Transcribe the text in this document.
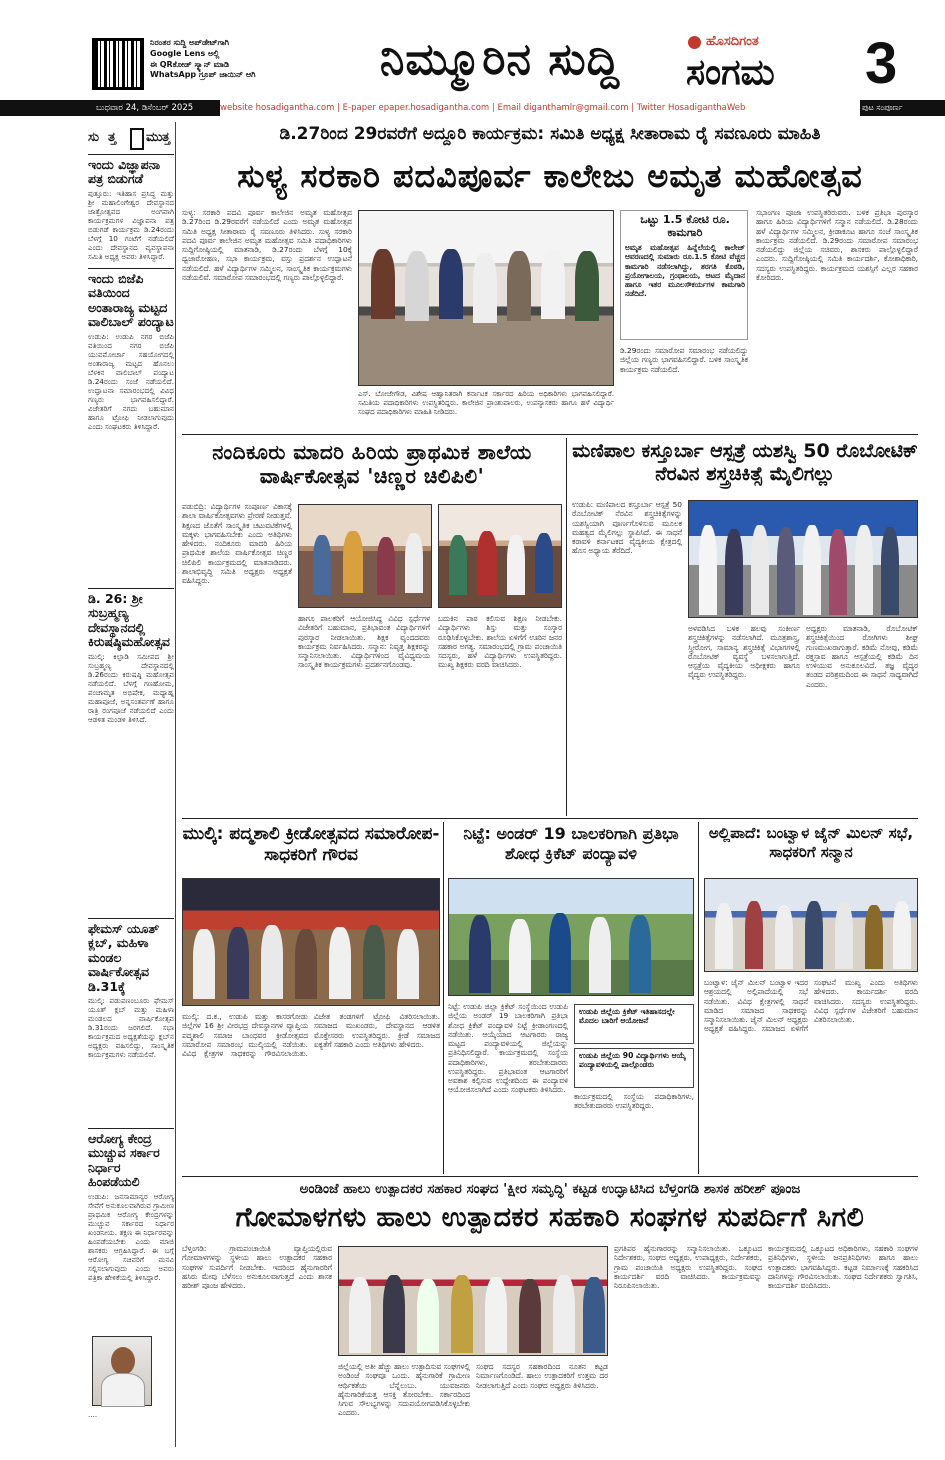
ನಿರಂತರ ಸುದ್ದಿ ಅಪ್‌ಡೇಟ್‌ಗಾಗಿ
Google Lens ಅಲ್ಲಿ
ಈ QRಕೋಡ್‌ ಸ್ಕ್ಯಾನ್ ಮಾಡಿ
WhatsApp ಗ್ರೂಪ್ ಜಾಯಿನ್ ಆಗಿ	ನಿಮ್ಮೂರಿನ ಸುದ್ದಿ	ಹೊಸದಿಗಂತ
ಸಂಗಮ 3
ಬುಧವಾರ 24, ಡಿಸೆಂಬರ್ 2025	website hosadigantha.com | E-paper epaper.hosadigantha.com | Email diganthamlr@gmail.com | Twitter HosadiganthaWeb	ಪುಟ ಸಂಪೂರ್ಣ
ಸು ತ್ತ ಮು ತ್ತ
ಇಂದು ವಿಜ್ಞಾಪನಾ ಪತ್ರ ಬಿಡುಗಡೆ
ಪುತ್ತೂರು: ಇತಿಹಾಸ ಪ್ರಸಿದ್ಧ ಮತ್ತು ಶ್ರೀ ಮಹಾಲಿಂಗೇಶ್ವರ ದೇವಸ್ಥಾನದ ಜಾತ್ರೋತ್ಸವದ ಅಂಗವಾಗಿ ಕಾರ್ಯಕ್ರಮಗಳ ವಿಜ್ಞಾಪನಾ ಪತ್ರ ಬಿಡುಗಡೆ ಕಾರ್ಯಕ್ರಮ ಡಿ.24ರಂದು ಬೆಳಗ್ಗೆ 10 ಗಂಟೆಗೆ ನಡೆಯಲಿದೆ ಎಂದು ದೇವಸ್ಥಾನದ ವ್ಯವಸ್ಥಾಪನಾ ಸಮಿತಿ ಅಧ್ಯಕ್ಷ ಅವರು ತಿಳಿಸಿದ್ದಾರೆ.
ಇಂದು ಬಿಜೆಪಿ ವತಿಯಿಂದ ಅಂತಾರಾಜ್ಯ ಮಟ್ಟದ ವಾಲಿಬಾಲ್ ಪಂದ್ಯಾಟ
ಉಡುಪಿ: ಉಡುಪಿ ನಗರ ಬಿಜೆಪಿ ವತಿಯಿಂದ ನಗರ ಬಿಜೆಪಿ ಯುವಮೋರ್ಚಾ ಸಹಯೋಗದಲ್ಲಿ ಅಂತಾರಾಜ್ಯ ಮಟ್ಟದ ಹೊನಲು ಬೆಳಕಿನ ವಾಲಿಬಾಲ್ ಪಂದ್ಯಾಟ ಡಿ.24ರಂದು ಸಂಜೆ ನಡೆಯಲಿದೆ. ಉದ್ಘಾಟನಾ ಸಮಾರಂಭದಲ್ಲಿ ವಿವಿಧ ಗಣ್ಯರು ಭಾಗವಹಿಸಲಿದ್ದಾರೆ. ವಿಜೇತರಿಗೆ ನಗದು ಬಹುಮಾನ ಹಾಗೂ ಟ್ರೋಫಿ ನೀಡಲಾಗುವುದು ಎಂದು ಸಂಘಟಕರು ತಿಳಿಸಿದ್ದಾರೆ.
ಡಿ. 26: ಶ್ರೀ ಸುಬ್ರಹ್ಮಣ್ಯ ದೇವಸ್ಥಾನದಲ್ಲಿ ಕಿರುಷಷ್ಠಿಮಹೋತ್ಸವ
ಮುಲ್ಕಿ: ಕಿಲ್ಪಾಡಿ ಸಮೀಪದ ಶ್ರೀ ಸುಬ್ರಹ್ಮಣ್ಯ ದೇವಸ್ಥಾನದಲ್ಲಿ ಡಿ.26ರಂದು ಕಿರುಷಷ್ಠಿ ಮಹೋತ್ಸವ ನಡೆಯಲಿದೆ. ಬೆಳಗ್ಗೆ ಗಣಹೋಮ, ಪಂಚಾಮೃತ ಅಭಿಷೇಕ, ಮಧ್ಯಾಹ್ನ ಮಹಾಪೂಜೆ, ಅನ್ನಸಂತರ್ಪಣೆ ಹಾಗೂ ರಾತ್ರಿ ರಂಗಪೂಜೆ ನಡೆಯಲಿದೆ ಎಂದು ಆಡಳಿತ ಮಂಡಳಿ ತಿಳಿಸಿದೆ.
ಫೇಮಸ್ ಯೂತ್ ಕ್ಲಬ್, ಮಹಿಳಾ ಮಂಡಲ ವಾರ್ಷಿಕೋತ್ಸವ ಡಿ.31ಕ್ಕೆ
ಮುಲ್ಕಿ: ಪಡುಪಣಂಬೂರು ಫೇಮಸ್ ಯೂತ್ ಕ್ಲಬ್ ಮತ್ತು ಮಹಿಳಾ ಮಂಡಲದ ವಾರ್ಷಿಕೋತ್ಸವ ಡಿ.31ರಂದು ಜರಗಲಿದೆ. ಸಭಾ ಕಾರ್ಯಕ್ರಮದ ಅಧ್ಯಕ್ಷತೆಯನ್ನು ಕ್ಲಬ್‌ನ ಅಧ್ಯಕ್ಷರು ವಹಿಸಲಿದ್ದು, ಸಾಂಸ್ಕೃತಿಕ ಕಾರ್ಯಕ್ರಮಗಳು ನಡೆಯಲಿವೆ.
ಆರೋಗ್ಯ ಕೇಂದ್ರ ಮುಚ್ಚುವ ಸರ್ಕಾರ ನಿರ್ಧಾರ ಹಿಂಪಡೆಯಲಿ
ಉಡುಪಿ: ಜನಸಾಮಾನ್ಯರ ಆರೋಗ್ಯ ಸೇವೆಗೆ ಅನುಕೂಲವಾಗಿರುವ ಗ್ರಾಮೀಣ ಪ್ರಾಥಮಿಕ ಆರೋಗ್ಯ ಕೇಂದ್ರಗಳನ್ನು ಮುಚ್ಚುವ ಸರ್ಕಾರದ ನಿರ್ಧಾರ ಖಂಡನೀಯ. ತಕ್ಷಣ ಈ ನಿರ್ಧಾರವನ್ನು ಹಿಂಪಡೆಯಬೇಕು ಎಂದು ಮಾಜಿ ಶಾಸಕರು ಆಗ್ರಹಿಸಿದ್ದಾರೆ. ಈ ಬಗ್ಗೆ ಆರೋಗ್ಯ ಸಚಿವರಿಗೆ ಮನವಿ ಸಲ್ಲಿಸಲಾಗುವುದು ಎಂದು ಅವರು ಪತ್ರಿಕಾ ಹೇಳಿಕೆಯಲ್ಲಿ ತಿಳಿಸಿದ್ದಾರೆ.
....
ಡಿ.27ರಿಂದ 29ರವರೆಗೆ ಅದ್ದೂರಿ ಕಾರ್ಯಕ್ರಮ: ಸಮಿತಿ ಅಧ್ಯಕ್ಷ ಸೀತಾರಾಮ ರೈ ಸವಣೂರು ಮಾಹಿತಿ
ಸುಳ್ಯ ಸರಕಾರಿ ಪದವಿಪೂರ್ವ ಕಾಲೇಜು ಅಮೃತ ಮಹೋತ್ಸವ
ಸುಳ್ಯ: ಸರಕಾರಿ ಪದವಿ ಪೂರ್ವ ಕಾಲೇಜಿನ ಅಮೃತ ಮಹೋತ್ಸವ ಡಿ.27ರಿಂದ ಡಿ.29ರವರೆಗೆ ನಡೆಯಲಿದೆ ಎಂದು ಅಮೃತ ಮಹೋತ್ಸವ ಸಮಿತಿ ಅಧ್ಯಕ್ಷ ಸೀತಾರಾಮ ರೈ ಸವಣೂರು ತಿಳಿಸಿದರು. ಸುಳ್ಯ ಸರಕಾರಿ ಪದವಿ ಪೂರ್ವ ಕಾಲೇಜಿನ ಅಮೃತ ಮಹೋತ್ಸವ ಸಮಿತಿ ಪದಾಧಿಕಾರಿಗಳು ಸುದ್ದಿಗೋಷ್ಠಿಯಲ್ಲಿ ಮಾತನಾಡಿ, ಡಿ.27ರಂದು ಬೆಳಗ್ಗೆ 10ಕ್ಕೆ ಧ್ವಜಾರೋಹಣ, ಸಭಾ ಕಾರ್ಯಕ್ರಮ, ವಸ್ತು ಪ್ರದರ್ಶನ ಉದ್ಘಾಟನೆ ನಡೆಯಲಿದೆ. ಹಳೆ ವಿದ್ಯಾರ್ಥಿಗಳ ಸಮ್ಮಿಲನ, ಸಾಂಸ್ಕೃತಿಕ ಕಾರ್ಯಕ್ರಮಗಳು ನಡೆಯಲಿವೆ. ಸಮಾರೋಪ ಸಮಾರಂಭದಲ್ಲಿ ಗಣ್ಯರು ಪಾಲ್ಗೊಳ್ಳಲಿದ್ದಾರೆ.
ಎಸ್. ಬೋಜೇಗೌಡ, ವಿಶೇಷ ಆಹ್ವಾನಿತರಾಗಿ ಕರ್ನಾಟಕ ಸರ್ಕಾರದ ಹಿರಿಯ ಅಧಿಕಾರಿಗಳು ಭಾಗವಹಿಸಲಿದ್ದಾರೆ. ಸಮಿತಿಯ ಪದಾಧಿಕಾರಿಗಳು ಉಪಸ್ಥಿತರಿದ್ದರು. ಕಾಲೇಜಿನ ಪ್ರಾಂಶುಪಾಲರು, ಉಪನ್ಯಾಸಕರು ಹಾಗೂ ಹಳೆ ವಿದ್ಯಾರ್ಥಿ ಸಂಘದ ಪದಾಧಿಕಾರಿಗಳು ಮಾಹಿತಿ ನೀಡಿದರು.
ಒಟ್ಟು 1.5 ಕೋಟಿ ರೂ. ಕಾಮಗಾರಿ
ಅಮೃತ ಮಹೋತ್ಸವ ಹಿನ್ನೆಲೆಯಲ್ಲಿ ಕಾಲೇಜ್ ಆವರಣದಲ್ಲಿ ಸುಮಾರು ರೂ.1.5 ಕೋಟಿ ವೆಚ್ಚದ ಕಾಮಗಾರಿ ನಡೆಸಲಾಗಿದ್ದು, ತರಗತಿ ಕೊಠಡಿ, ಪ್ರಯೋಗಾಲಯ, ಗ್ರಂಥಾಲಯ, ಆಟದ ಮೈದಾನ ಹಾಗೂ ಇತರ ಮೂಲಸೌಕರ್ಯಗಳ ಕಾಮಗಾರಿ ನಡೆದಿದೆ.
ಡಿ.29ರಂದು ಸಮಾರೋಪ ಸಮಾರಂಭ ನಡೆಯಲಿದ್ದು ಜಿಲ್ಲೆಯ ಗಣ್ಯರು ಭಾಗವಹಿಸಲಿದ್ದಾರೆ. ಬಳಿಕ ಸಾಂಸ್ಕೃತಿಕ ಕಾರ್ಯಕ್ರಮ ನಡೆಯಲಿದೆ.
ಸಭಾಂಗಣ ಪೂಜಾ ಉಪಸ್ಥಿತರಿರುವರು. ಬಳಿಕ ಪ್ರತಿಭಾ ಪುರಸ್ಕಾರ ಹಾಗೂ ಹಿರಿಯ ವಿದ್ಯಾರ್ಥಿಗಳಿಗೆ ಸನ್ಮಾನ ನಡೆಯಲಿದೆ. ಡಿ.28ರಂದು ಹಳೆ ವಿದ್ಯಾರ್ಥಿಗಳ ಸಮ್ಮಿಲನ, ಕ್ರೀಡಾಕೂಟ ಹಾಗೂ ಸಂಜೆ ಸಾಂಸ್ಕೃತಿಕ ಕಾರ್ಯಕ್ರಮ ನಡೆಯಲಿದೆ. ಡಿ.29ರಂದು ಸಮಾರೋಪ ಸಮಾರಂಭ ನಡೆಯಲಿದ್ದು ಜಿಲ್ಲೆಯ ಸಚಿವರು, ಶಾಸಕರು ಪಾಲ್ಗೊಳ್ಳಲಿದ್ದಾರೆ ಎಂದರು. ಸುದ್ದಿಗೋಷ್ಠಿಯಲ್ಲಿ ಸಮಿತಿ ಕಾರ್ಯದರ್ಶಿ, ಕೋಶಾಧಿಕಾರಿ, ಸದಸ್ಯರು ಉಪಸ್ಥಿತರಿದ್ದರು. ಕಾರ್ಯಕ್ರಮದ ಯಶಸ್ಸಿಗೆ ಎಲ್ಲರ ಸಹಕಾರ ಕೋರಿದರು.
ನಂದಿಕೂರು ಮಾದರಿ ಹಿರಿಯ ಪ್ರಾಥಮಿಕ ಶಾಲೆಯ ವಾರ್ಷಿಕೋತ್ಸವ 'ಚಿಣ್ಣರ ಚಿಲಿಪಿಲಿ'
ಪಡುಬಿದ್ರಿ: ವಿದ್ಯಾರ್ಥಿಗಳ ಸಂಪೂರ್ಣ ವಿಕಾಸಕ್ಕೆ ಶಾಲಾ ವಾರ್ಷಿಕೋತ್ಸವಗಳು ಪ್ರೇರಣೆ ನೀಡುತ್ತವೆ. ಶಿಕ್ಷಣದ ಜೊತೆಗೆ ಸಾಂಸ್ಕೃತಿಕ ಚಟುವಟಿಕೆಗಳಲ್ಲಿ ಮಕ್ಕಳು ಭಾಗವಹಿಸಬೇಕು ಎಂದು ಅತಿಥಿಗಳು ಹೇಳಿದರು. ನಂದಿಕೂರು ಮಾದರಿ ಹಿರಿಯ ಪ್ರಾಥಮಿಕ ಶಾಲೆಯ ವಾರ್ಷಿಕೋತ್ಸವ ಚಿಣ್ಣರ ಚಿಲಿಪಿಲಿ ಕಾರ್ಯಕ್ರಮದಲ್ಲಿ ಮಾತನಾಡಿದರು. ಶಾಲಾಭಿವೃದ್ಧಿ ಸಮಿತಿ ಅಧ್ಯಕ್ಷರು ಅಧ್ಯಕ್ಷತೆ ವಹಿಸಿದ್ದರು.
ಹಾಗೂ ಪಾಲಕರಿಗೆ ಆಯೋಜಿಸಿದ್ದ ವಿವಿಧ ಸ್ಪರ್ಧೆಗಳ ವಿಜೇತರಿಗೆ ಬಹುಮಾನ, ಪ್ರತಿಭಾವಂತ ವಿದ್ಯಾರ್ಥಿಗಳಿಗೆ ಪುರಸ್ಕಾರ ನೀಡಲಾಯಿತು. ಶಿಕ್ಷಕ ವೃಂದದವರು ಕಾರ್ಯಕ್ರಮ ನಿರ್ವಹಿಸಿದರು. ಸನ್ಮಾನ: ನಿವೃತ್ತ ಶಿಕ್ಷಕರನ್ನು ಸನ್ಮಾನಿಸಲಾಯಿತು. ವಿದ್ಯಾರ್ಥಿಗಳಿಂದ ವೈವಿಧ್ಯಮಯ ಸಾಂಸ್ಕೃತಿಕ ಕಾರ್ಯಕ್ರಮಗಳು ಪ್ರದರ್ಶನಗೊಂಡವು.
ಬದುಕಿನ ಪಾಠ ಕಲಿಸುವ ಶಿಕ್ಷಣ ನೀಡಬೇಕು. ವಿದ್ಯಾರ್ಥಿಗಳು ಶಿಸ್ತು ಮತ್ತು ಸಂಸ್ಕಾರ ರೂಢಿಸಿಕೊಳ್ಳಬೇಕು. ಶಾಲೆಯ ಏಳಿಗೆಗೆ ಊರಿನ ಜನರ ಸಹಕಾರ ಅಗತ್ಯ. ಸಮಾರಂಭದಲ್ಲಿ ಗ್ರಾಮ ಪಂಚಾಯಿತಿ ಸದಸ್ಯರು, ಹಳೆ ವಿದ್ಯಾರ್ಥಿಗಳು ಉಪಸ್ಥಿತರಿದ್ದರು. ಮುಖ್ಯ ಶಿಕ್ಷಕರು ವರದಿ ವಾಚಿಸಿದರು.
ಮಣಿಪಾಲ ಕಸ್ತೂರ್ಬಾ ಆಸ್ಪತ್ರೆ ಯಶಸ್ವಿ 50 ರೊಬೋಟಿಕ್ ನೆರವಿನ ಶಸ್ತ್ರಚಿಕಿತ್ಸೆ ಮೈಲಿಗಲ್ಲು
ಉಡುಪಿ: ಮಣಿಪಾಲದ ಕಸ್ತೂರ್ಬಾ ಆಸ್ಪತ್ರೆ 50 ರೊಬೋಟಿಕ್ ನೆರವಿನ ಶಸ್ತ್ರಚಿಕಿತ್ಸೆಗಳನ್ನು ಯಶಸ್ವಿಯಾಗಿ ಪೂರ್ಣಗೊಳಿಸುವ ಮೂಲಕ ಮಹತ್ವದ ಮೈಲಿಗಲ್ಲು ಸ್ಥಾಪಿಸಿದೆ. ಈ ಸಾಧನೆ ಕರಾವಳಿ ಕರ್ನಾಟಕದ ವೈದ್ಯಕೀಯ ಕ್ಷೇತ್ರದಲ್ಲಿ ಹೊಸ ಅಧ್ಯಾಯ ತೆರೆದಿದೆ.
ಅಳವಡಿಸಿದ ಬಳಿಕ ಹಲವು ಸಂಕೀರ್ಣ ಶಸ್ತ್ರಚಿಕಿತ್ಸೆಗಳನ್ನು ನಡೆಸಲಾಗಿದೆ. ಮೂತ್ರಶಾಸ್ತ್ರ, ಸ್ತ್ರೀರೋಗ, ಸಾಮಾನ್ಯ ಶಸ್ತ್ರಚಿಕಿತ್ಸೆ ವಿಭಾಗಗಳಲ್ಲಿ ರೊಬೋಟಿಕ್ ವ್ಯವಸ್ಥೆ ಬಳಸಲಾಗುತ್ತಿದೆ. ಆಸ್ಪತ್ರೆಯ ವೈದ್ಯಕೀಯ ಅಧೀಕ್ಷಕರು ಹಾಗೂ ವೈದ್ಯರು ಉಪಸ್ಥಿತರಿದ್ದರು.
ಅಧ್ಯಕ್ಷರು ಮಾತನಾಡಿ, ರೊಬೋಟಿಕ್ ಶಸ್ತ್ರಚಿಕಿತ್ಸೆಯಿಂದ ರೋಗಿಗಳು ಶೀಘ್ರ ಗುಣಮುಖರಾಗುತ್ತಾರೆ. ಕಡಿಮೆ ನೋವು, ಕಡಿಮೆ ರಕ್ತಸ್ರಾವ ಹಾಗೂ ಆಸ್ಪತ್ರೆಯಲ್ಲಿ ಕಡಿಮೆ ದಿನ ಉಳಿಯುವ ಅನುಕೂಲವಿದೆ. ತಜ್ಞ ವೈದ್ಯರ ತಂಡದ ಪರಿಶ್ರಮದಿಂದ ಈ ಸಾಧನೆ ಸಾಧ್ಯವಾಗಿದೆ ಎಂದರು.
ಮುಲ್ಕಿ: ಪದ್ಮಶಾಲಿ ಕ್ರೀಡೋತ್ಸವದ ಸಮಾರೋಪ-ಸಾಧಕರಿಗೆ ಗೌರವ
ಮುಲ್ಕಿ: ದ.ಕ., ಉಡುಪಿ ಮತ್ತು ಕಾಸರಗೋಡು ಜಿಲ್ಲೆಗಳ 16 ಶ್ರೀ ವೀರಭದ್ರ ದೇವಸ್ಥಾನಗಳ ವ್ಯಾಪ್ತಿಯ ಪದ್ಮಶಾಲಿ ಸಮಾಜ ಬಾಂಧವರ ಕ್ರೀಡೋತ್ಸವದ ಸಮಾರೋಪ ಸಮಾರಂಭ ಮುಲ್ಕಿಯಲ್ಲಿ ನಡೆಯಿತು. ವಿವಿಧ ಕ್ಷೇತ್ರಗಳ ಸಾಧಕರನ್ನು ಗೌರವಿಸಲಾಯಿತು. ವಿಜೇತ ತಂಡಗಳಿಗೆ ಟ್ರೋಫಿ ವಿತರಿಸಲಾಯಿತು. ಸಮಾಜದ ಮುಖಂಡರು, ದೇವಸ್ಥಾನದ ಆಡಳಿತ ಮೊಕ್ತೇಸರರು ಉಪಸ್ಥಿತರಿದ್ದರು. ಕ್ರೀಡೆ ಸಮಾಜದ ಐಕ್ಯತೆಗೆ ಸಹಕಾರಿ ಎಂದು ಅತಿಥಿಗಳು ಹೇಳಿದರು.
ನಿಟ್ಟೆ: ಅಂಡರ್ 19 ಬಾಲಕರಿಗಾಗಿ ಪ್ರತಿಭಾ ಶೋಧ ಕ್ರಿಕೆಟ್ ಪಂದ್ಯಾವಳಿ
ನಿಟ್ಟೆ: ಉಡುಪಿ ಜಿಲ್ಲಾ ಕ್ರಿಕೆಟ್ ಸಂಸ್ಥೆಯಿಂದ ಉಡುಪಿ ಜಿಲ್ಲೆಯ ಅಂಡರ್ 19 ಬಾಲಕರಿಗಾಗಿ ಪ್ರತಿಭಾ ಶೋಧ ಕ್ರಿಕೆಟ್ ಪಂದ್ಯಾವಳಿ ನಿಟ್ಟೆ ಕ್ರೀಡಾಂಗಣದಲ್ಲಿ ನಡೆಯಿತು. ಆಯ್ಕೆಯಾದ ಆಟಗಾರರು ರಾಜ್ಯ ಮಟ್ಟದ ಪಂದ್ಯಾವಳಿಯಲ್ಲಿ ಜಿಲ್ಲೆಯನ್ನು ಪ್ರತಿನಿಧಿಸಲಿದ್ದಾರೆ. ಕಾರ್ಯಕ್ರಮದಲ್ಲಿ ಸಂಸ್ಥೆಯ ಪದಾಧಿಕಾರಿಗಳು, ತರಬೇತುದಾರರು ಉಪಸ್ಥಿತರಿದ್ದರು. ಪ್ರತಿಭಾವಂತ ಆಟಗಾರರಿಗೆ ಅವಕಾಶ ಕಲ್ಪಿಸುವ ಉದ್ದೇಶದಿಂದ ಈ ಪಂದ್ಯಾವಳಿ ಆಯೋಜಿಸಲಾಗಿದೆ ಎಂದು ಸಂಘಟಕರು ತಿಳಿಸಿದರು.
ಉಡುಪಿ ಜಿಲ್ಲೆಯ ಕ್ರಿಕೆಟ್ ಇತಿಹಾಸದಲ್ಲೇ ಮೊದಲ ಬಾರಿಗೆ ಆಯೋಜನೆ
ಉಡುಪಿ ಜಿಲ್ಲೆಯ 90 ವಿದ್ಯಾರ್ಥಿಗಳು ಆಯ್ಕೆ ಪಂದ್ಯಾವಳಿಯಲ್ಲಿ ಪಾಲ್ಗೊಂಡರು
ಕಾರ್ಯಕ್ರಮದಲ್ಲಿ ಸಂಸ್ಥೆಯ ಪದಾಧಿಕಾರಿಗಳು, ತರಬೇತುದಾರರು ಉಪಸ್ಥಿತರಿದ್ದರು.
ಅಲ್ಲಿಪಾದೆ: ಬಂಟ್ವಾಳ ಜೈನ್ ಮಿಲನ್ ಸಭೆ, ಸಾಧಕರಿಗೆ ಸನ್ಮಾನ
ಬಂಟ್ವಾಳ: ಜೈನ್ ಮಿಲನ್ ಬಂಟ್ವಾಳ ಇದರ ಆಶ್ರಯದಲ್ಲಿ ಅಲ್ಲಿಪಾದೆಯಲ್ಲಿ ಸಭೆ ನಡೆಯಿತು. ವಿವಿಧ ಕ್ಷೇತ್ರಗಳಲ್ಲಿ ಸಾಧನೆ ಮಾಡಿದ ಸಮಾಜದ ಸಾಧಕರನ್ನು ಸನ್ಮಾನಿಸಲಾಯಿತು. ಜೈನ್ ಮಿಲನ್ ಅಧ್ಯಕ್ಷರು ಅಧ್ಯಕ್ಷತೆ ವಹಿಸಿದ್ದರು. ಸಮಾಜದ ಏಳಿಗೆಗೆ ಸಂಘಟನೆ ಮುಖ್ಯ ಎಂದು ಅತಿಥಿಗಳು ಹೇಳಿದರು. ಕಾರ್ಯದರ್ಶಿ ವರದಿ ವಾಚಿಸಿದರು. ಸದಸ್ಯರು ಉಪಸ್ಥಿತರಿದ್ದರು. ವಿವಿಧ ಸ್ಪರ್ಧೆಗಳ ವಿಜೇತರಿಗೆ ಬಹುಮಾನ ವಿತರಿಸಲಾಯಿತು.
ಅಂಡಿಂಜೆ ಹಾಲು ಉತ್ಪಾದಕರ ಸಹಕಾರ ಸಂಘದ 'ಕ್ಷೀರ ಸಮೃದ್ಧಿ' ಕಟ್ಟಡ ಉದ್ಘಾಟಿಸಿದ ಬೆಳ್ತಂಗಡಿ ಶಾಸಕ ಹರೀಶ್ ಪೂಂಜ
ಗೋಮಾಳಗಳು ಹಾಲು ಉತ್ಪಾದಕರ ಸಹಕಾರಿ ಸಂಘಗಳ ಸುಪರ್ದಿಗೆ ಸಿಗಲಿ
ಬೆಳ್ತಂಗಡಿ: ಗ್ರಾಮಪಂಚಾಯಿತಿ ವ್ಯಾಪ್ತಿಯಲ್ಲಿರುವ ಗೋಮಾಳಗಳನ್ನು ಸ್ಥಳೀಯ ಹಾಲು ಉತ್ಪಾದಕರ ಸಹಕಾರ ಸಂಘಗಳ ಸುಪರ್ದಿಗೆ ನೀಡಬೇಕು. ಇದರಿಂದ ಹೈನುಗಾರರಿಗೆ ಹಸಿರು ಮೇವು ಬೆಳೆಸಲು ಅನುಕೂಲವಾಗುತ್ತದೆ ಎಂದು ಶಾಸಕ ಹರೀಶ್ ಪೂಂಜ ಹೇಳಿದರು.
ಜಿಲ್ಲೆಯಲ್ಲಿ ಅತೀ ಹೆಚ್ಚು ಹಾಲು ಉತ್ಪಾದಿಸುವ ಸಂಘಗಳಲ್ಲಿ ಅಂಡಿಂಜೆ ಸಂಘವೂ ಒಂದು. ಹೈನುಗಾರಿಕೆ ಗ್ರಾಮೀಣ ಆರ್ಥಿಕತೆಯ ಬೆನ್ನೆಲುಬು. ಯುವಜನರು ಹೈನುಗಾರಿಕೆಯತ್ತ ಆಸಕ್ತಿ ತೋರಬೇಕು. ಸರ್ಕಾರದಿಂದ ಸಿಗುವ ಸೌಲಭ್ಯಗಳನ್ನು ಸದುಪಯೋಗಪಡಿಸಿಕೊಳ್ಳಬೇಕು ಎಂದರು.
ಸಂಘದ ಸದಸ್ಯರ ಸಹಕಾರದಿಂದ ನೂತನ ಕಟ್ಟಡ ನಿರ್ಮಾಣಗೊಂಡಿದೆ. ಹಾಲು ಉತ್ಪಾದಕರಿಗೆ ಉತ್ತಮ ದರ ನೀಡಲಾಗುತ್ತಿದೆ ಎಂದು ಸಂಘದ ಅಧ್ಯಕ್ಷರು ತಿಳಿಸಿದರು.
ಪ್ರಗತಿಪರ ಹೈನುಗಾರರನ್ನು ಸನ್ಮಾನಿಸಲಾಯಿತು. ಒಕ್ಕೂಟದ ನಿರ್ದೇಶಕರು, ಸಂಘದ ಅಧ್ಯಕ್ಷರು, ಉಪಾಧ್ಯಕ್ಷರು, ನಿರ್ದೇಶಕರು, ಗ್ರಾಮ ಪಂಚಾಯಿತಿ ಅಧ್ಯಕ್ಷರು ಉಪಸ್ಥಿತರಿದ್ದರು. ಸಂಘದ ಕಾರ್ಯದರ್ಶಿ ವರದಿ ವಾಚಿಸಿದರು. ಕಾರ್ಯಕ್ರಮವನ್ನು ನಿರೂಪಿಸಲಾಯಿತು.
ಕಾರ್ಯಕ್ರಮದಲ್ಲಿ ಒಕ್ಕೂಟದ ಅಧಿಕಾರಿಗಳು, ಸಹಕಾರಿ ಸಂಘಗಳ ಪ್ರತಿನಿಧಿಗಳು, ಸ್ಥಳೀಯ ಜನಪ್ರತಿನಿಧಿಗಳು ಹಾಗೂ ಹಾಲು ಉತ್ಪಾದಕರು ಭಾಗವಹಿಸಿದ್ದರು. ಕಟ್ಟಡ ನಿರ್ಮಾಣಕ್ಕೆ ಸಹಕರಿಸಿದ ದಾನಿಗಳನ್ನು ಗೌರವಿಸಲಾಯಿತು. ಸಂಘದ ನಿರ್ದೇಶಕರು ಸ್ವಾಗತಿಸಿ, ಕಾರ್ಯದರ್ಶಿ ವಂದಿಸಿದರು.
